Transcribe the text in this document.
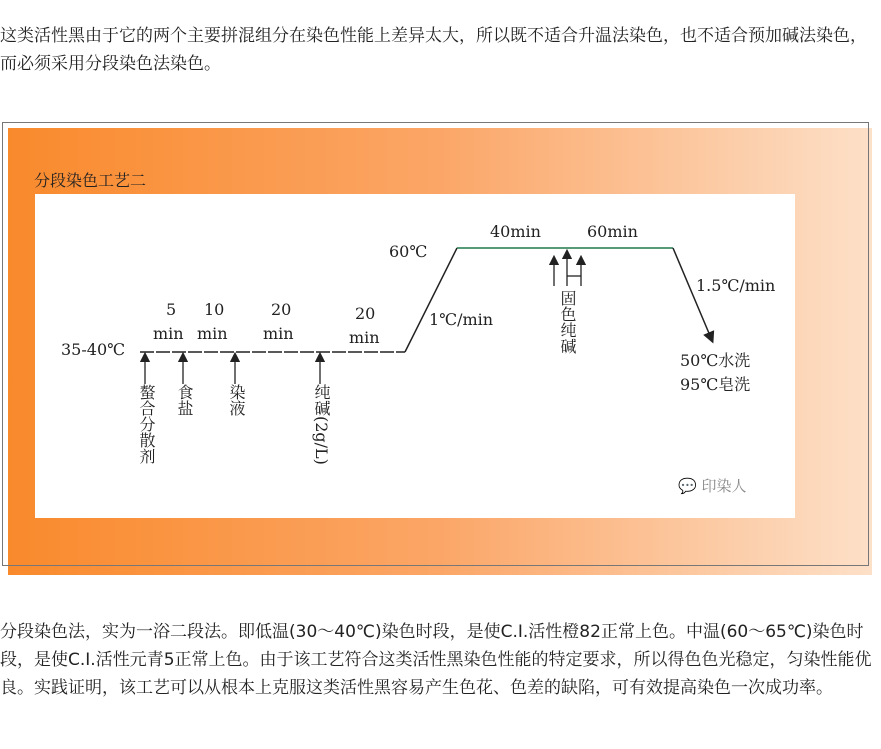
这类活性黑由于它的两个主要拼混组分在染色性能上差异太大，所以既不适合升温法染色，也不适合预加碱法染色，而必须采用分段染色法染色。
分段染色工艺二
35-40℃
5
min
10
min
20
min
20
min
螯合分散剂 食盐 染液	纯碱(2g/L)
1℃/min
60℃
40min	60min
固色纯碱
1.5℃/min
50℃水洗
95℃皂洗
💬 印染人
分段染色法，实为一浴二段法。即低温(30～40℃)染色时段，是使C.I.活性橙82正常上色。中温(60～65℃)染色时段，是使C.I.活性元青5正常上色。由于该工艺符合这类活性黑染色性能的特定要求，所以得色色光稳定，匀染性能优良。实践证明，该工艺可以从根本上克服这类活性黑容易产生色花、色差的缺陷，可有效提高染色一次成功率。
